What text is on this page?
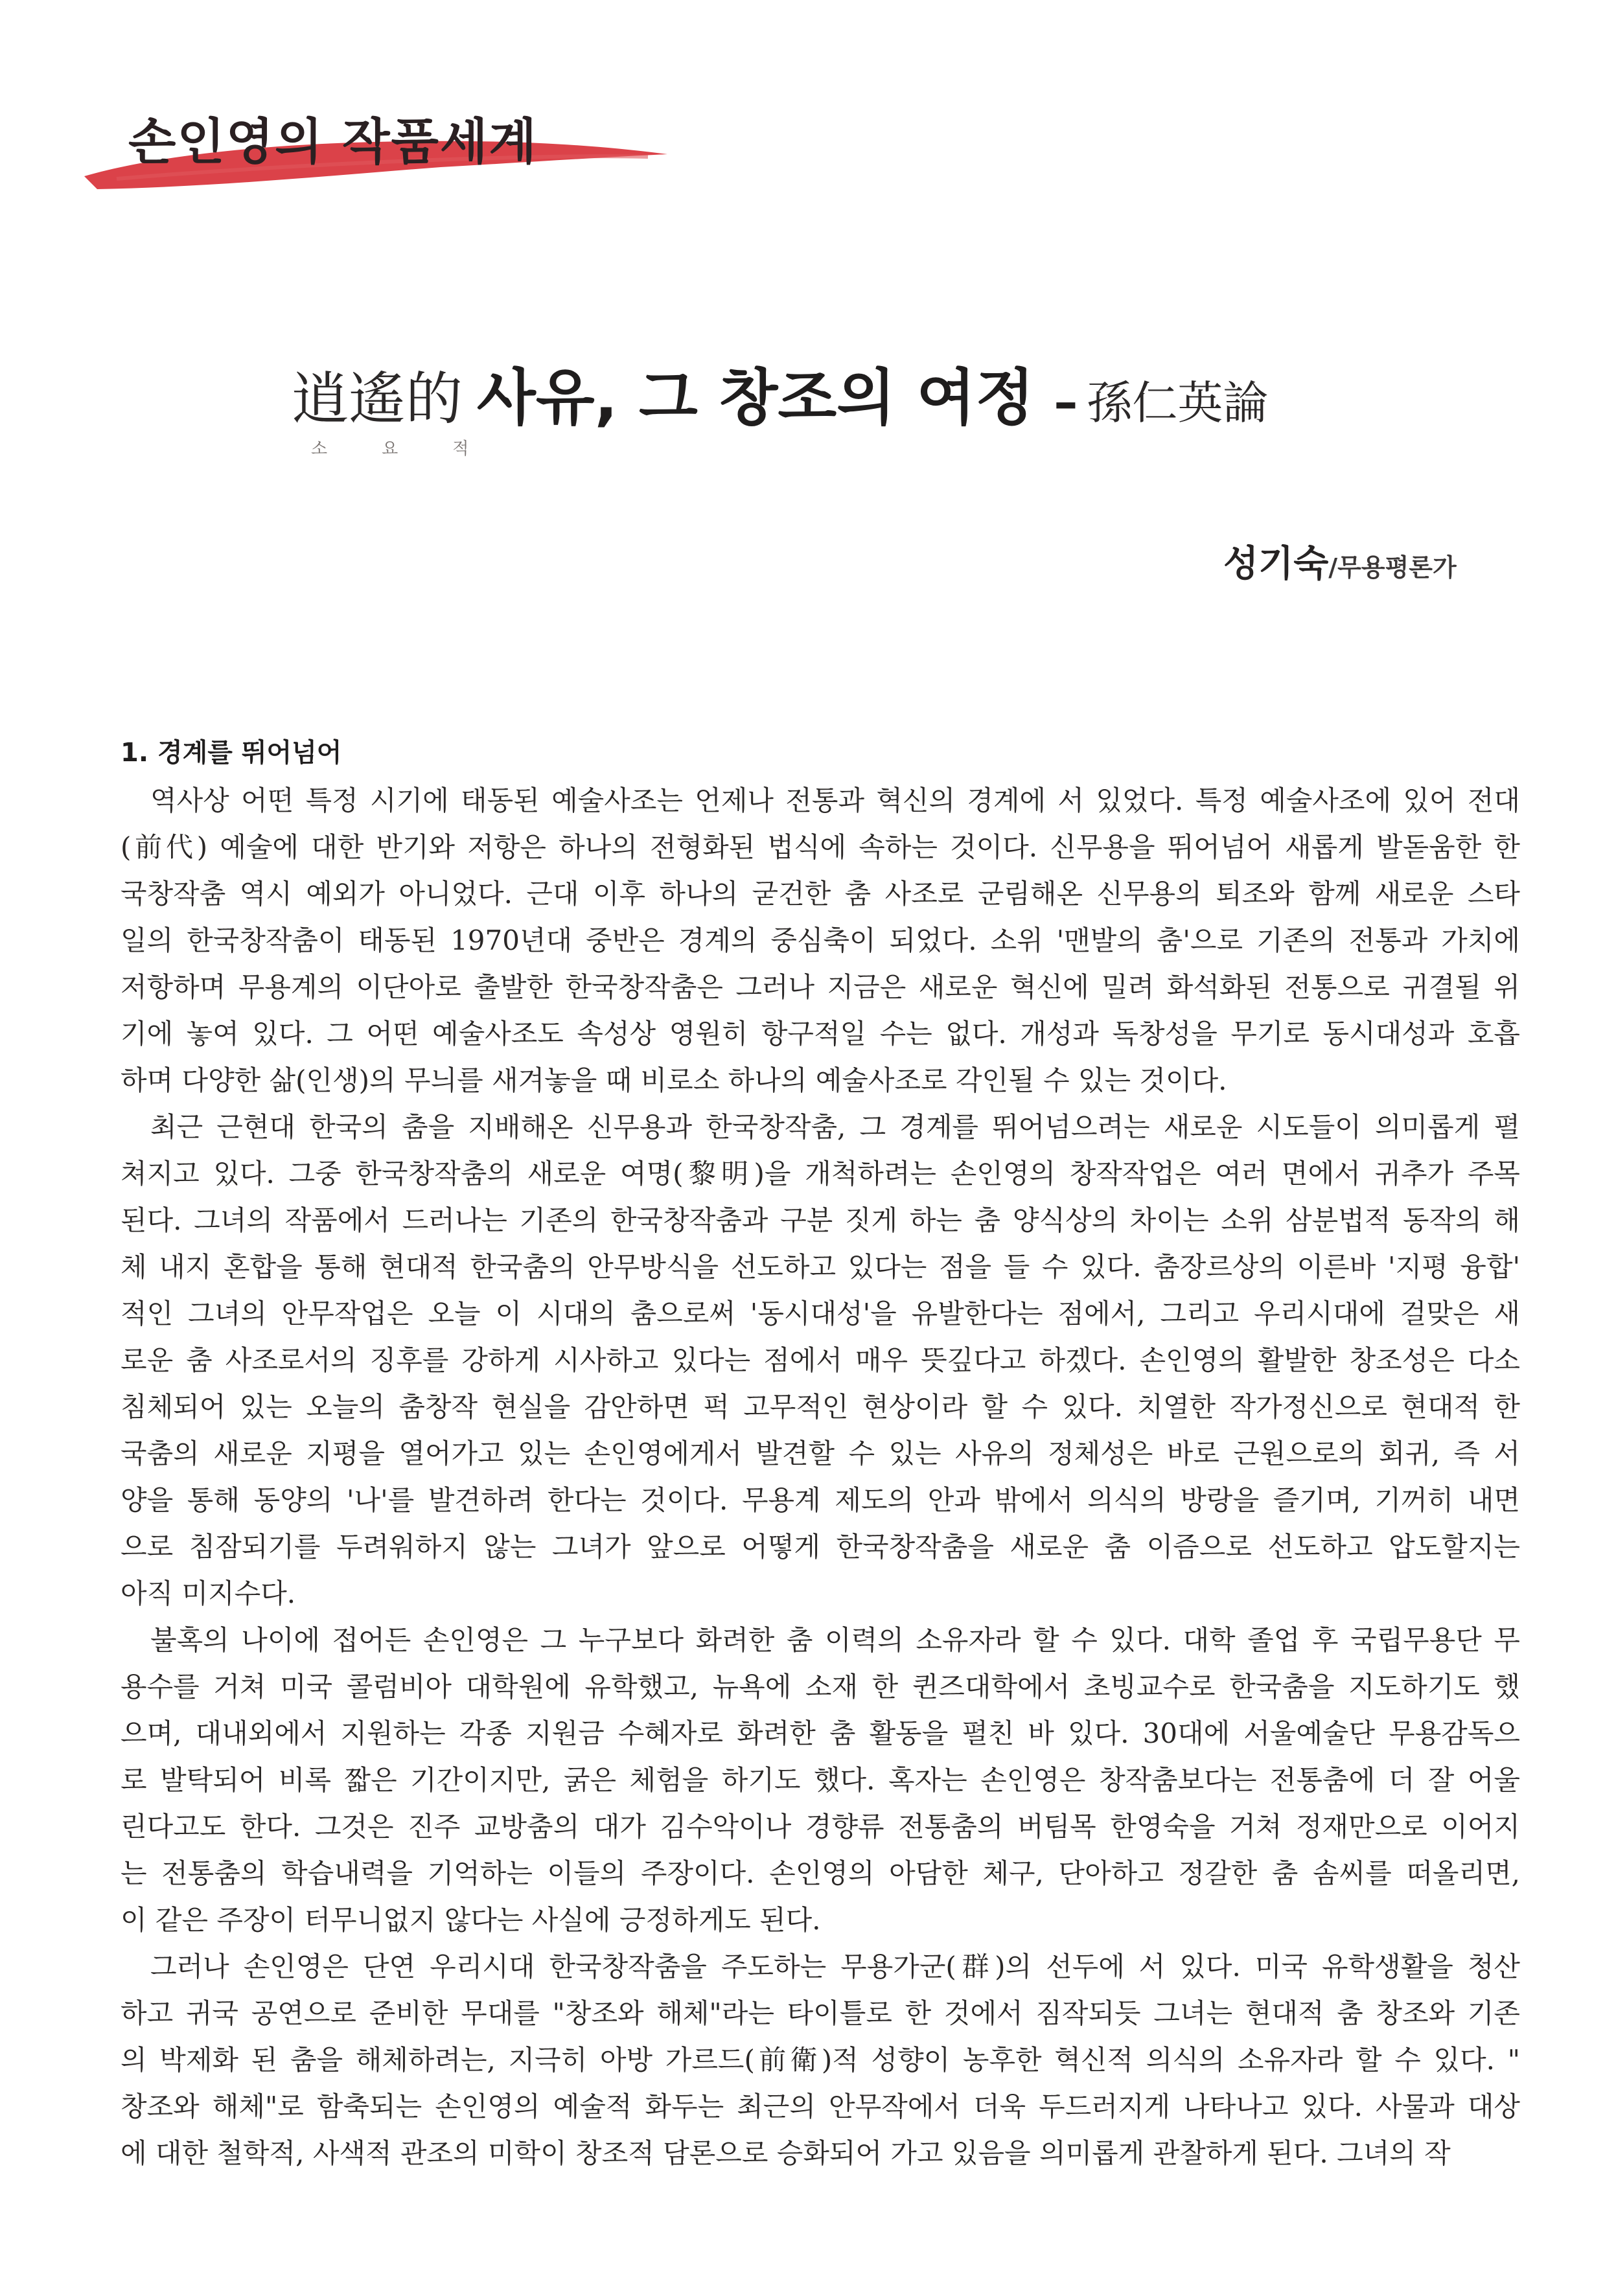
손인영의 작품세계
逍遙的 사유, 그 창조의 여정 – 孫仁英論

소요적

성기숙/무용평론가
1. 경계를 뛰어넘어
역사상 어떤 특정 시기에 태동된 예술사조는 언제나 전통과 혁신의 경계에 서 있었다. 특정 예술사조에 있어 전대
(前代) 예술에 대한 반기와 저항은 하나의 전형화된 법식에 속하는 것이다. 신무용을 뛰어넘어 새롭게 발돋움한 한
국창작춤 역시 예외가 아니었다. 근대 이후 하나의 굳건한 춤 사조로 군림해온 신무용의 퇴조와 함께 새로운 스타
일의 한국창작춤이 태동된 1970년대 중반은 경계의 중심축이 되었다. 소위 '맨발의 춤'으로 기존의 전통과 가치에
저항하며 무용계의 이단아로 출발한 한국창작춤은 그러나 지금은 새로운 혁신에 밀려 화석화된 전통으로 귀결될 위
기에 놓여 있다. 그 어떤 예술사조도 속성상 영원히 항구적일 수는 없다. 개성과 독창성을 무기로 동시대성과 호흡
하며 다양한 삶(인생)의 무늬를 새겨놓을 때 비로소 하나의 예술사조로 각인될 수 있는 것이다.
최근 근현대 한국의 춤을 지배해온 신무용과 한국창작춤, 그 경계를 뛰어넘으려는 새로운 시도들이 의미롭게 펼
쳐지고 있다. 그중 한국창작춤의 새로운 여명(黎明)을 개척하려는 손인영의 창작작업은 여러 면에서 귀추가 주목
된다. 그녀의 작품에서 드러나는 기존의 한국창작춤과 구분 짓게 하는 춤 양식상의 차이는 소위 삼분법적 동작의 해
체 내지 혼합을 통해 현대적 한국춤의 안무방식을 선도하고 있다는 점을 들 수 있다. 춤장르상의 이른바 '지평 융합'
적인 그녀의 안무작업은 오늘 이 시대의 춤으로써 '동시대성'을 유발한다는 점에서, 그리고 우리시대에 걸맞은 새
로운 춤 사조로서의 징후를 강하게 시사하고 있다는 점에서 매우 뜻깊다고 하겠다. 손인영의 활발한 창조성은 다소
침체되어 있는 오늘의 춤창작 현실을 감안하면 퍽 고무적인 현상이라 할 수 있다. 치열한 작가정신으로 현대적 한
국춤의 새로운 지평을 열어가고 있는 손인영에게서 발견할 수 있는 사유의 정체성은 바로 근원으로의 회귀, 즉 서
양을 통해 동양의 '나'를 발견하려 한다는 것이다. 무용계 제도의 안과 밖에서 의식의 방랑을 즐기며, 기꺼히 내면
으로 침잠되기를 두려워하지 않는 그녀가 앞으로 어떻게 한국창작춤을 새로운 춤 이즘으로 선도하고 압도할지는
아직 미지수다.
불혹의 나이에 접어든 손인영은 그 누구보다 화려한 춤 이력의 소유자라 할 수 있다. 대학 졸업 후 국립무용단 무
용수를 거쳐 미국 콜럼비아 대학원에 유학했고, 뉴욕에 소재 한 퀸즈대학에서 초빙교수로 한국춤을 지도하기도 했
으며, 대내외에서 지원하는 각종 지원금 수혜자로 화려한 춤 활동을 펼친 바 있다. 30대에 서울예술단 무용감독으
로 발탁되어 비록 짧은 기간이지만, 굵은 체험을 하기도 했다. 혹자는 손인영은 창작춤보다는 전통춤에 더 잘 어울
린다고도 한다. 그것은 진주 교방춤의 대가 김수악이나 경향류 전통춤의 버팀목 한영숙을 거쳐 정재만으로 이어지
는 전통춤의 학습내력을 기억하는 이들의 주장이다. 손인영의 아담한 체구, 단아하고 정갈한 춤 솜씨를 떠올리면,
이 같은 주장이 터무니없지 않다는 사실에 긍정하게도 된다.
그러나 손인영은 단연 우리시대 한국창작춤을 주도하는 무용가군(群)의 선두에 서 있다. 미국 유학생활을 청산
하고 귀국 공연으로 준비한 무대를 "창조와 해체"라는 타이틀로 한 것에서 짐작되듯 그녀는 현대적 춤 창조와 기존
의 박제화 된 춤을 해체하려는, 지극히 아방 가르드(前衛)적 성향이 농후한 혁신적 의식의 소유자라 할 수 있다. "
창조와 해체"로 함축되는 손인영의 예술적 화두는 최근의 안무작에서 더욱 두드러지게 나타나고 있다. 사물과 대상
에 대한 철학적, 사색적 관조의 미학이 창조적 담론으로 승화되어 가고 있음을 의미롭게 관찰하게 된다. 그녀의 작
